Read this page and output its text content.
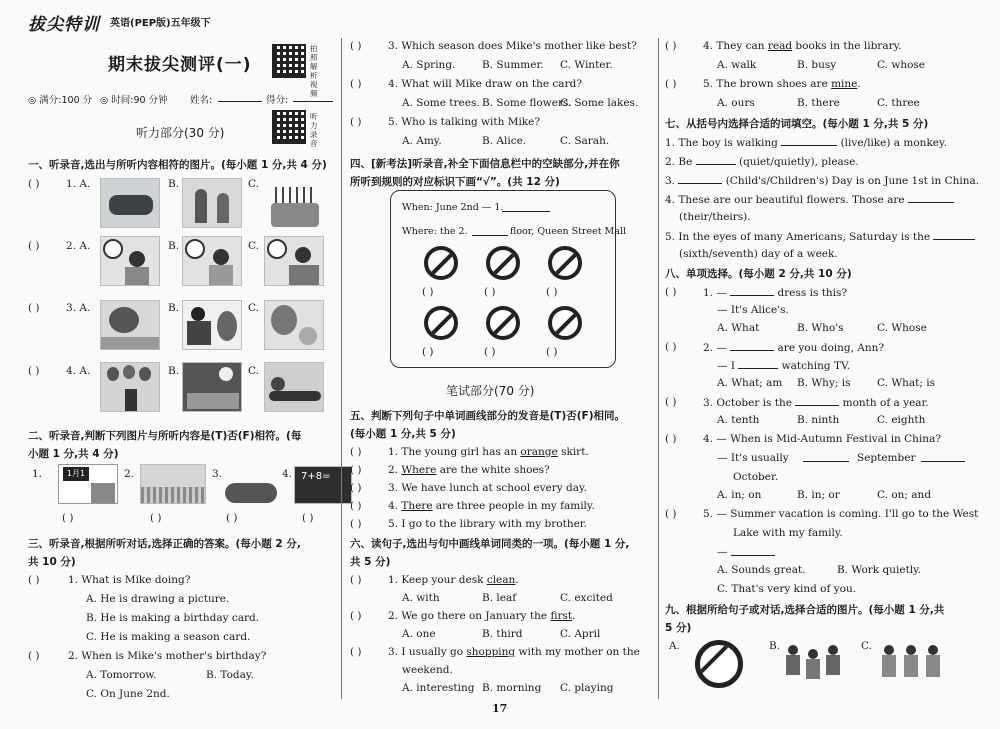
拔尖特训 英语(PEP版)五年级下
期末拔尖测评(一)
拍照解析视频
◎ 满分:100 分 ◎ 时间:90 分钟 姓名:	得分:
听力部分(30 分)
听力录音
一、听录音,选出与所听内容相符的图片。(每小题 1 分,共 4 分)
( )	1. A.	B.	C.
( )	2. A.	B.	C.
( )	3. A.	B.	C.
( )	4. A.	B.	C.
二、听录音,判断下列图片与所听内容是(T)否(F)相符。(每
小题 1 分,共 4 分)
1.	1月1日
2.	3.	4. 7+8=
( )	( )	( )	( )
三、听录音,根据所听对话,选择正确的答案。(每小题 2 分,
共 10 分)
( )	1. What is Mike doing?
A. He is drawing a picture.
B. He is making a birthday card.
C. He is making a season card.
( )	2. When is Mike's mother's birthday?
A. Tomorrow.	B. Today.
C. On June 2nd.
( )	3. Which season does Mike's mother like best?
A. Spring.	B. Summer. C. Winter.
( )	4. What will Mike draw on the card?
A. Some trees. B. Some flowers.
C. Some lakes.
( )	5. Who is talking with Mike?
A. Amy.	B. Alice.	C. Sarah.
四、[新考法]听录音,补全下面信息栏中的空缺部分,并在你
所听到规则的对应标识下画“√”。(共 12 分)
When: June 2nd — 1.
Where: the 2.	floor, Queen Street Mall
( )	( )	( )
( )	( )	( )
笔试部分(70 分)
五、判断下列句子中单词画线部分的发音是(T)否(F)相同。
(每小题 1 分,共 5 分)
( )	1. The young girl has an orange skirt.
( )	2. Where are the white shoes?
( )	3. We have lunch at school every day.
( )	4. There are three people in my family.
( )	5. I go to the library with my brother.
六、读句子,选出与句中画线单词同类的一项。(每小题 1 分,
共 5 分)
( )	1. Keep your desk clean.
A. with	B. leaf	C. excited
( )	2. We go there on January the first.
A. one	B. third	C. April
( )	3. I usually go shopping with my mother on the
weekend.
A. interesting B. morning C. playing
17
( )	4. They can read books in the library.
A. walk	B. busy	C. whose
( )	5. The brown shoes are mine.
A. ours	B. there	C. three
七、从括号内选择合适的词填空。(每小题 1 分,共 5 分)
1. The boy is walking	(live/like) a monkey.
2. Be	(quiet/quietly), please.
3.	(Child's/Children's) Day is on June 1st in China.
4. These are our beautiful flowers. Those are
(their/theirs).
5. In the eyes of many Americans, Saturday is the
(sixth/seventh) day of a week.
八、单项选择。(每小题 2 分,共 10 分)
( )	1. —	dress is this?
— It's Alice's.
A. What	B. Who's	C. Whose
( )	2. —	are you doing, Ann?
— I	watching TV.
A. What; am B. Why; is	C. What; is
( )	3. October is the	month of a year.
A. tenth	B. ninth	C. eighth
( )	4. — When is Mid-Autumn Festival in China?
— It's usually	September
October.
A. in; on	B. in; or	C. on; and
( )	5. — Summer vacation is coming. I'll go to the West
Lake with my family.
—
A. Sounds great.	B. Work quietly.
C. That's very kind of you.
九、根据所给句子或对话,选择合适的图片。(每小题 1 分,共
5 分)
A.	B.	C.
